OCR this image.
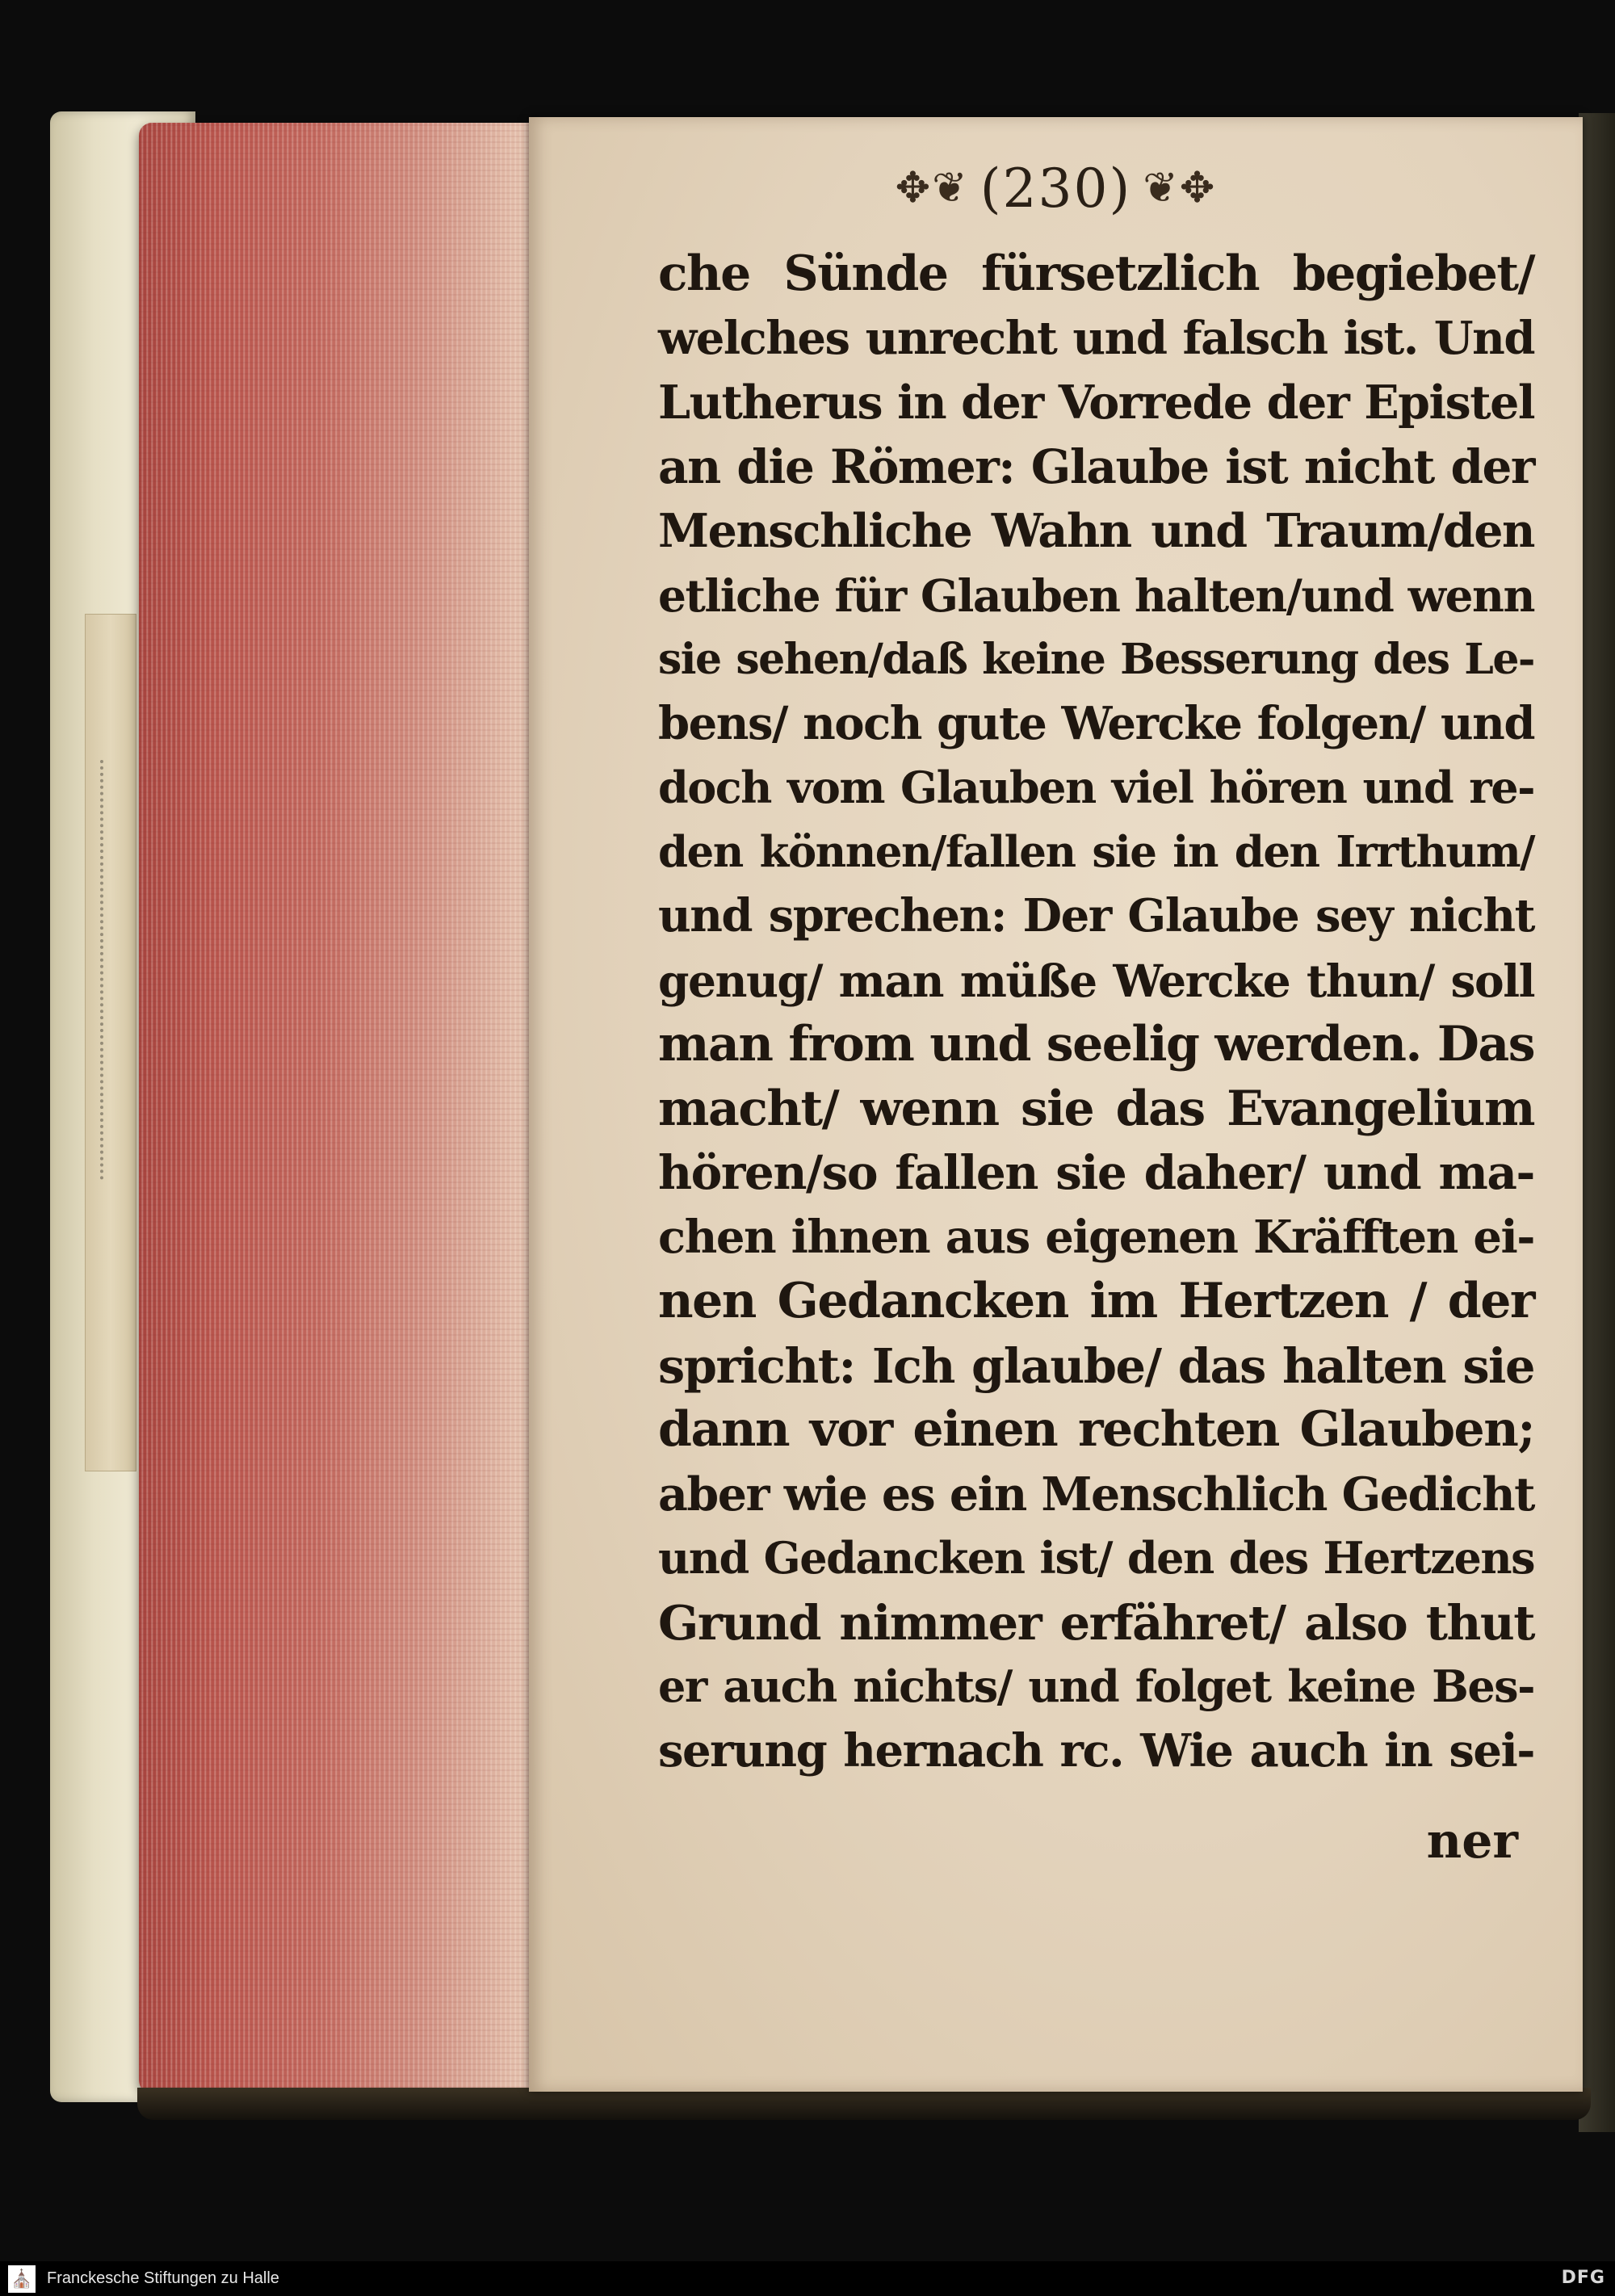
✥❦ (230) ❦✥
che Sünde fürsetzlich begiebet/
welches unrecht und falsch ist. Und
Lutherus in der Vorrede der Epistel
an die Römer: Glaube ist nicht der
Menschliche Wahn und Traum/den
etliche für Glauben halten/und wenn
sie sehen/daß keine Besserung des Le-
bens/ noch gute Wercke folgen/ und
doch vom Glauben viel hören und re-
den können/fallen sie in den Irrthum/
und sprechen: Der Glaube sey nicht
genug/ man müße Wercke thun/ soll
man from und seelig werden. Das
macht/ wenn sie das Evangelium
hören/so fallen sie daher/ und ma-
chen ihnen aus eigenen Kräfften ei-
nen Gedancken im Hertzen / der
spricht: Ich glaube/ das halten sie
dann vor einen rechten Glauben;
aber wie es ein Menschlich Gedicht
und Gedancken ist/ den des Hertzens
Grund nimmer erfähret/ also thut
er auch nichts/ und folget keine Bes-
serung hernach rc. Wie auch in sei-
ner
⛪ Franckesche Stiftungen zu Halle	DFG
